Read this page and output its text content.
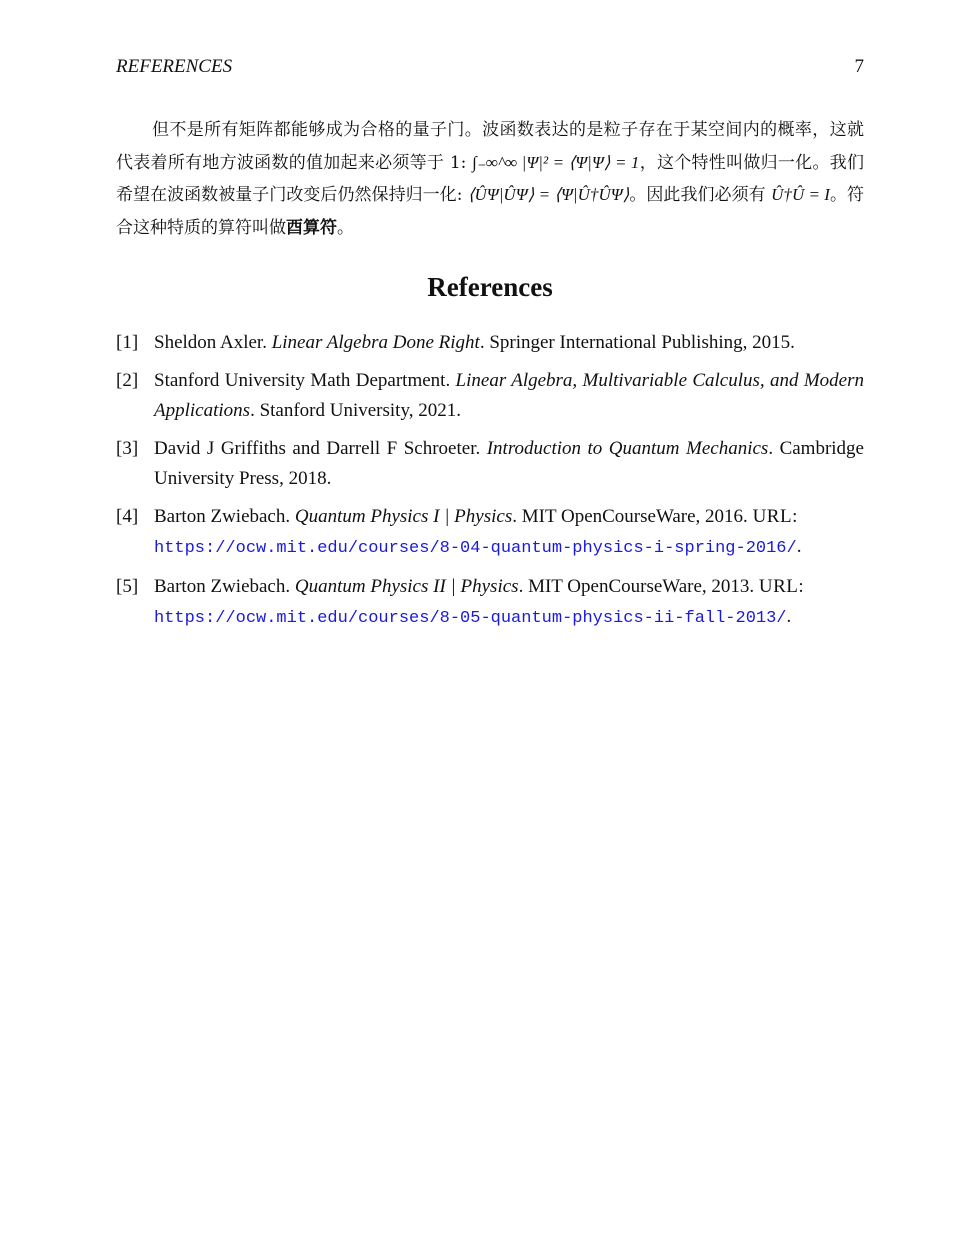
REFERENCES	7
但不是所有矩阵都能够成为合格的量子门。波函数表达的是粒子存在于某空间内的概率，这就代表着所有地方波函数的值加起来必须等于 1: ∫₋∞^∞ |Ψ|² = ⟨Ψ|Ψ⟩ = 1，这个特性叫做归一化。我们希望在波函数被量子门改变后仍然保持归一化: ⟨ÛΨ|ÛΨ⟩ = ⟨Ψ|Û†ÛΨ⟩。因此我们必须有 Û†Û = I。符合这种特质的算符叫做酉算符。
References
[1] Sheldon Axler. Linear Algebra Done Right. Springer International Publishing, 2015.
[2] Stanford University Math Department. Linear Algebra, Multivariable Calculus, and Modern Applications. Stanford University, 2021.
[3] David J Griffiths and Darrell F Schroeter. Introduction to Quantum Mechanics. Cambridge University Press, 2018.
[4] Barton Zwiebach. Quantum Physics I | Physics. MIT OpenCourseWare, 2016. URL:
https://ocw.mit.edu/courses/8-04-quantum-physics-i-spring-2016/.
[5] Barton Zwiebach. Quantum Physics II | Physics. MIT OpenCourseWare, 2013. URL:
https://ocw.mit.edu/courses/8-05-quantum-physics-ii-fall-2013/.
